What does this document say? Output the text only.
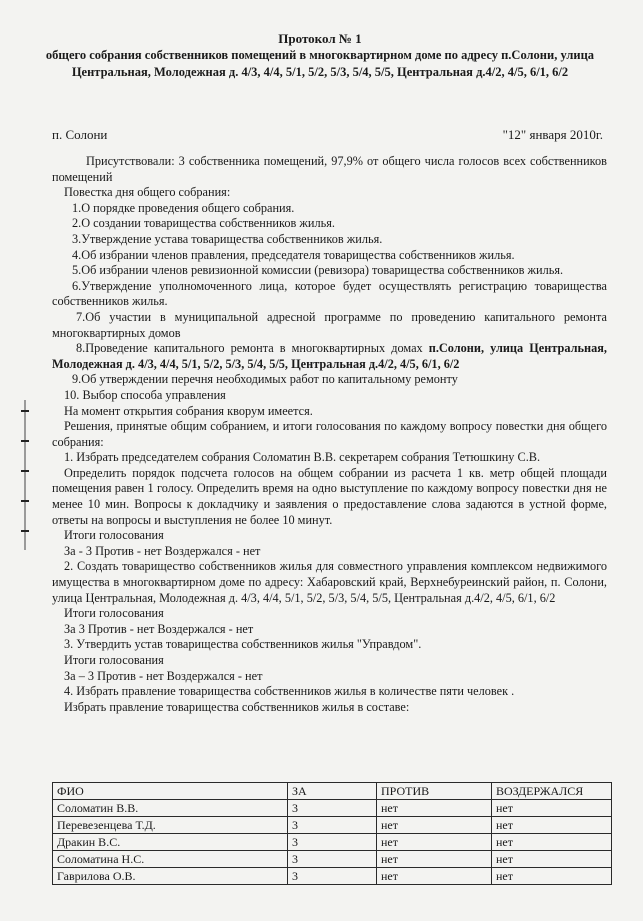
Протокол № 1
общего собрания собственников помещений в многоквартирном доме по адресу п.Солони, улица Центральная, Молодежная д. 4/3, 4/4, 5/1, 5/2, 5/3, 5/4, 5/5, Центральная д.4/2, 4/5, 6/1, 6/2
п. Солони	"12" января 2010г.

Присутствовали: 3 собственника помещений, 97,9% от общего числа голосов всех собственников помещений

Повестка дня общего собрания:

1.О порядке проведения общего собрания.

2.О создании товарищества собственников жилья.

3.Утверждение устава товарищества собственников жилья.

4.Об избрании членов правления, председателя товарищества собственников жилья.

5.Об избрании членов ревизионной комиссии (ревизора) товарищества собственников жилья.

6.Утверждение уполномоченного лица, которое будет осуществлять регистрацию товарищества собственников жилья.

7.Об участии в муниципальной адресной программе по проведению капитального ремонта многоквартирных домов

8.Проведение капитального ремонта в многоквартирных домах п.Солони, улица Центральная, Молодежная д. 4/3, 4/4, 5/1, 5/2, 5/3, 5/4, 5/5, Центральная д.4/2, 4/5, 6/1, 6/2

9.Об утверждении перечня необходимых работ по капитальному ремонту

10. Выбор способа управления

На момент открытия собрания кворум имеется.

Решения, принятые общим собранием, и итоги голосования по каждому вопросу повестки дня общего собрания:

1. Избрать председателем собрания Соломатин В.В. секретарем собрания Тетюшкину С.В.

Определить порядок подсчета голосов на общем собрании из расчета 1 кв. метр общей площади помещения равен 1 голосу. Определить время на одно выступление по каждому вопросу повестки дня не менее 10 мин. Вопросы к докладчику и заявления о предоставление слова задаются в устной форме, ответы на вопросы и выступления не более 10 минут.

Итоги голосования

За - 3 Против - нет Воздержался - нет

2. Создать товарищество собственников жилья для совместного управления комплексом недвижимого имущества в многоквартирном доме по адресу: Хабаровский край, Верхнебуреинский район, п. Солони, улица Центральная, Молодежная д. 4/3, 4/4, 5/1, 5/2, 5/3, 5/4, 5/5, Центральная д.4/2, 4/5, 6/1, 6/2

Итоги голосования

За 3 Против - нет Воздержался - нет

3. Утвердить устав товарищества собственников жилья "Управдом".

Итоги голосования

За – 3 Против - нет Воздержался - нет

4. Избрать правление товарищества собственников жилья в количестве пяти человек .

Избрать правление товарищества собственников жилья в составе:

ФИО	ЗА	ПРОТИВ	ВОЗДЕРЖАЛСЯ
Соломатин В.В.	3	нет	нет
Перевезенцева Т.Д.	3	нет	нет
Дракин В.С.	3	нет	нет
Соломатина Н.С.	3	нет	нет
Гаврилова О.В.	3	нет	нет
